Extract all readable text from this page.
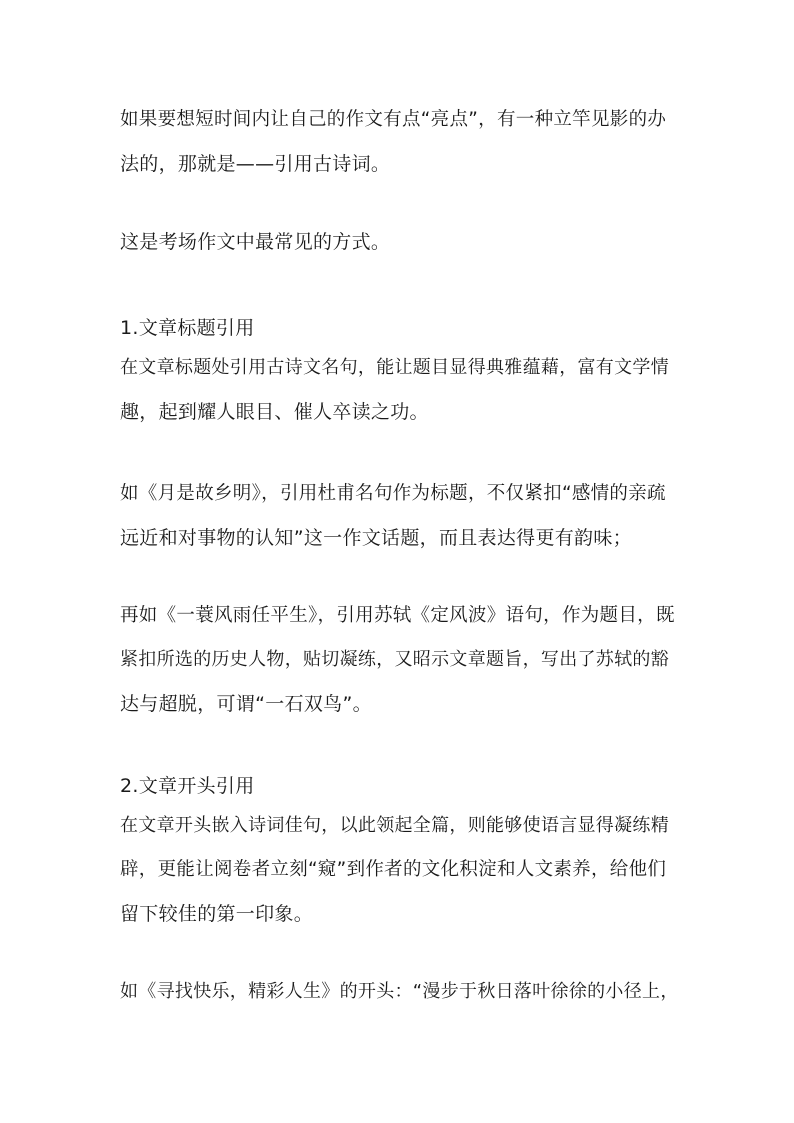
如果要想短时间内让自己的作文有点“亮点”，有一种立竿见影的办
法的，那就是——引用古诗词。
这是考场作文中最常见的方式。
1.文章标题引用
在文章标题处引用古诗文名句，能让题目显得典雅蕴藉，富有文学情
趣，起到耀人眼目、催人卒读之功。
如《月是故乡明》，引用杜甫名句作为标题，不仅紧扣“感情的亲疏
远近和对事物的认知”这一作文话题，而且表达得更有韵味；
再如《一蓑风雨任平生》，引用苏轼《定风波》语句，作为题目，既
紧扣所选的历史人物，贴切凝练，又昭示文章题旨，写出了苏轼的豁
达与超脱，可谓“一石双鸟”。
2.文章开头引用
在文章开头嵌入诗词佳句，以此领起全篇，则能够使语言显得凝练精
辟，更能让阅卷者立刻“窥”到作者的文化积淀和人文素养，给他们
留下较佳的第一印象。
如《寻找快乐，精彩人生》的开头：“漫步于秋日落叶徐徐的小径上，
